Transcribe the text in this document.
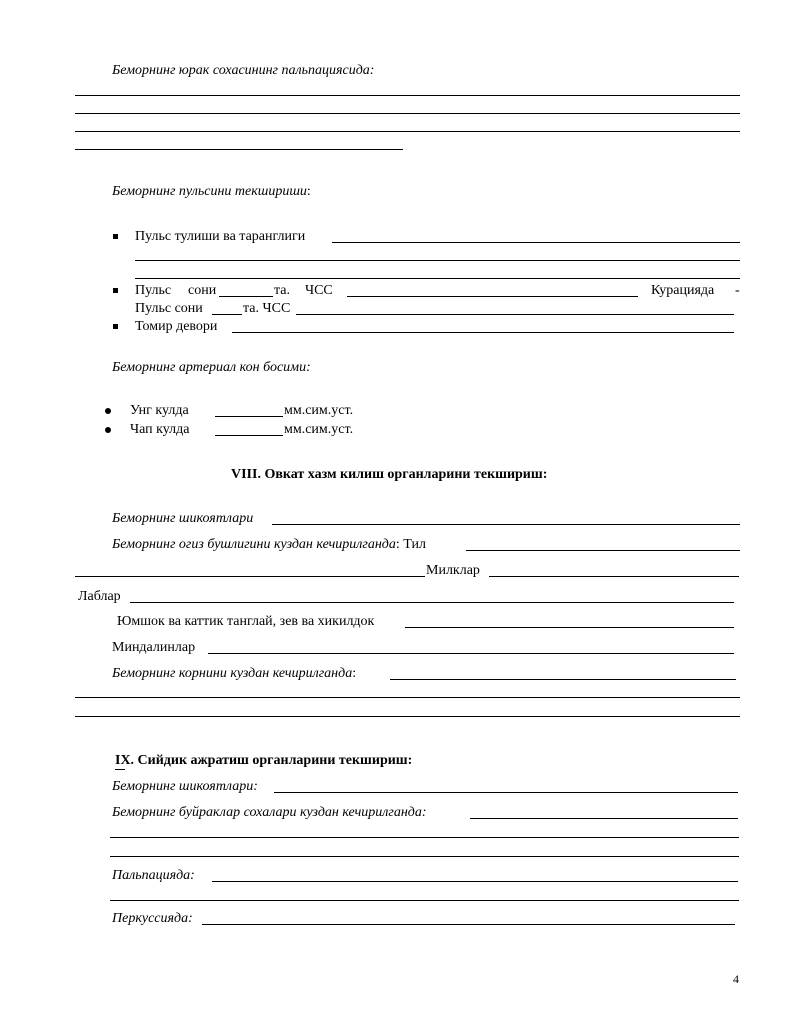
Беморнинг юрак сохасининг пальпациясида:
Беморнинг пульсини текшириши:
Пульс тулиши ва таранглиги
Пульс сони	та. ЧСС	Курацияда -
Пульс сони	та. ЧСС
Томир девори
Беморнинг артериал кон босими:
Унг кулда	мм.сим.уст.
Чап кулда	мм.сим.уст.
VIII. Овкат хазм килиш органларини текшириш:
Беморнинг шикоятлари
Беморнинг огиз бушлигини куздан кечирилганда: Тил
Милклар
Лаблар
Юмшок ва каттик танглай, зев ва хикилдок
Миндалинлар
Беморнинг корнини куздан кечирилганда:
IX. Сийдик ажратиш органларини текшириш:
Беморнинг шикоятлари:
Беморнинг буйраклар сохалари куздан кечирилганда:
Пальпацияда:
Перкуссияда:
4
